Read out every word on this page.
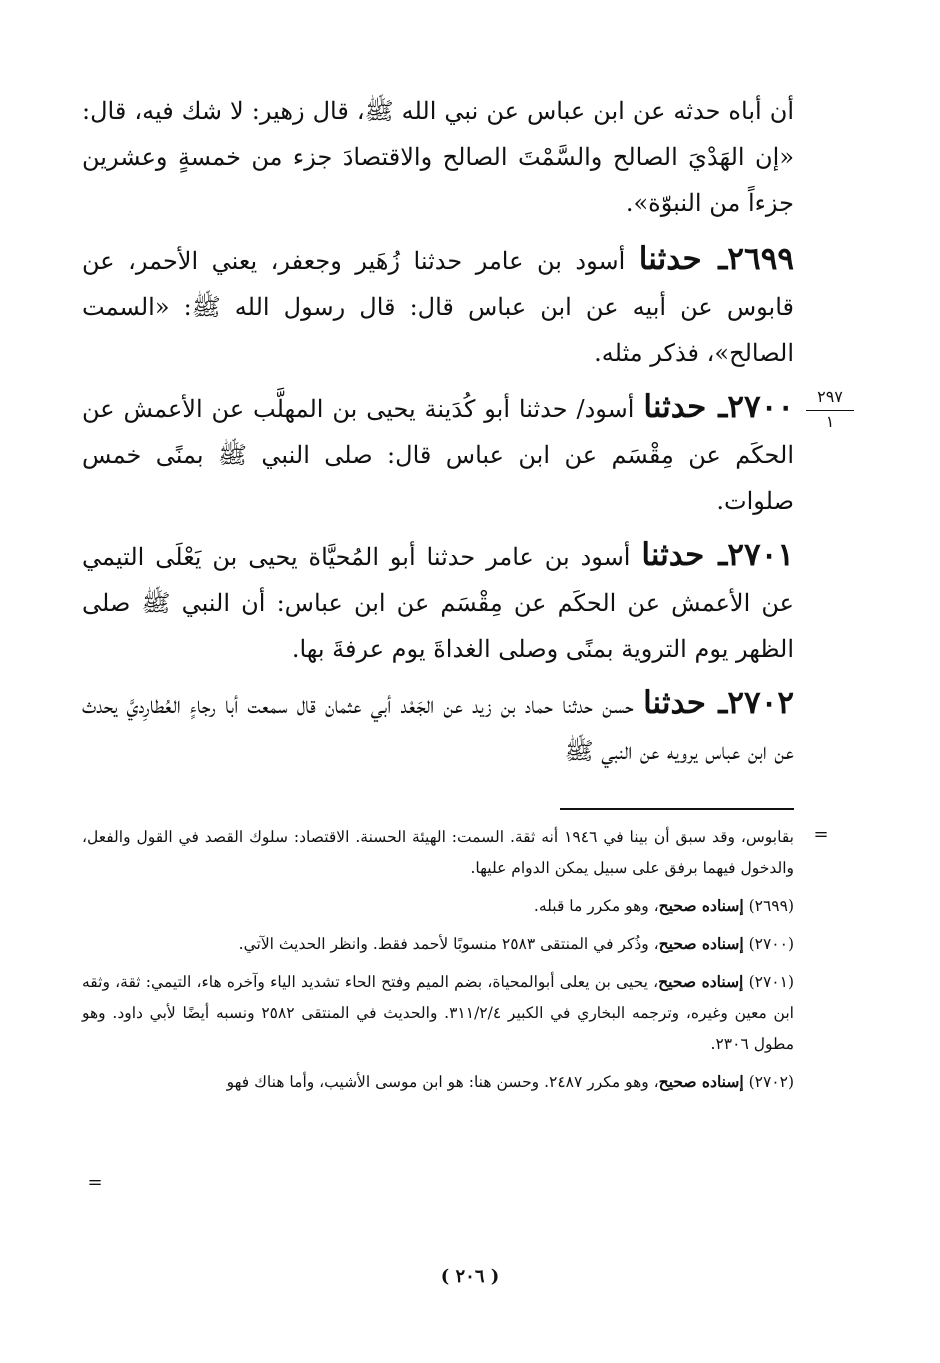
أن أباه حدثه عن ابن عباس عن نبي الله ﷺ، قال زهير: لا شك فيه، قال: «إن الهَدْيَ الصالح والسَّمْتَ الصالح والاقتصادَ جزء من خمسةٍ وعشرين جزءاً من النبوّة».

٢٦٩٩ـ حدثنا أسود بن عامر حدثنا زُهَير وجعفر، يعني الأحمر، عن قابوس عن أبيه عن ابن عباس قال: قال رسول الله ﷺ: «السمت الصالح»، فذكر مثله.

٢٧٠٠ـ حدثنا أسود/ حدثنا أبو كُدَينة يحيى بن المهلَّب عن الأعمش عن الحكَم عن مِقْسَم عن ابن عباس قال: صلى النبي ﷺ بمنًى خمس صلوات.

٢٧٠١ـ حدثنا أسود بن عامر حدثنا أبو المُحيَّاة يحيى بن يَعْلَى التيمي عن الأعمش عن الحكَم عن مِقْسَم عن ابن عباس: أن النبي ﷺ صلى الظهر يوم التروية بمنًى وصلى الغداةَ يوم عرفةَ بها.

٢٧٠٢ـ حدثنا حسن حدثنا حماد بن زيد عن الجَعْد أبي عثمان قال سمعت أبا رجاءٍ العُطارِديَّ يحدث عن ابن عباس يرويه عن النبي ﷺ

٢٩٧
١
=

بقابوس، وقد سبق أن بينا في ١٩٤٦ أنه ثقة. السمت: الهيئة الحسنة. الاقتصاد: سلوك القصد في القول والفعل، والدخول فيهما برفق على سبيل يمكن الدوام عليها.

(٢٦٩٩) إسناده صحيح، وهو مكرر ما قبله.

(٢٧٠٠) إسناده صحيح، وذُكر في المنتقى ٢٥٨٣ منسوبًا لأحمد فقط. وانظر الحديث الآتي.

(٢٧٠١) إسناده صحيح، يحيى بن يعلى أبوالمحياة، بضم الميم وفتح الحاء تشديد الياء وآخره هاء، التيمي: ثقة، وثقه ابن معين وغيره، وترجمه البخاري في الكبير ٣١١/٢/٤. والحديث في المنتقى ٢٥٨٢ ونسبه أيضًا لأبي داود. وهو مطول ٢٣٠٦.

(٢٧٠٢) إسناده صحيح، وهو مكرر ٢٤٨٧. وحسن هنا: هو ابن موسى الأشيب، وأما هناك فهو

=
( ٢٠٦ )
